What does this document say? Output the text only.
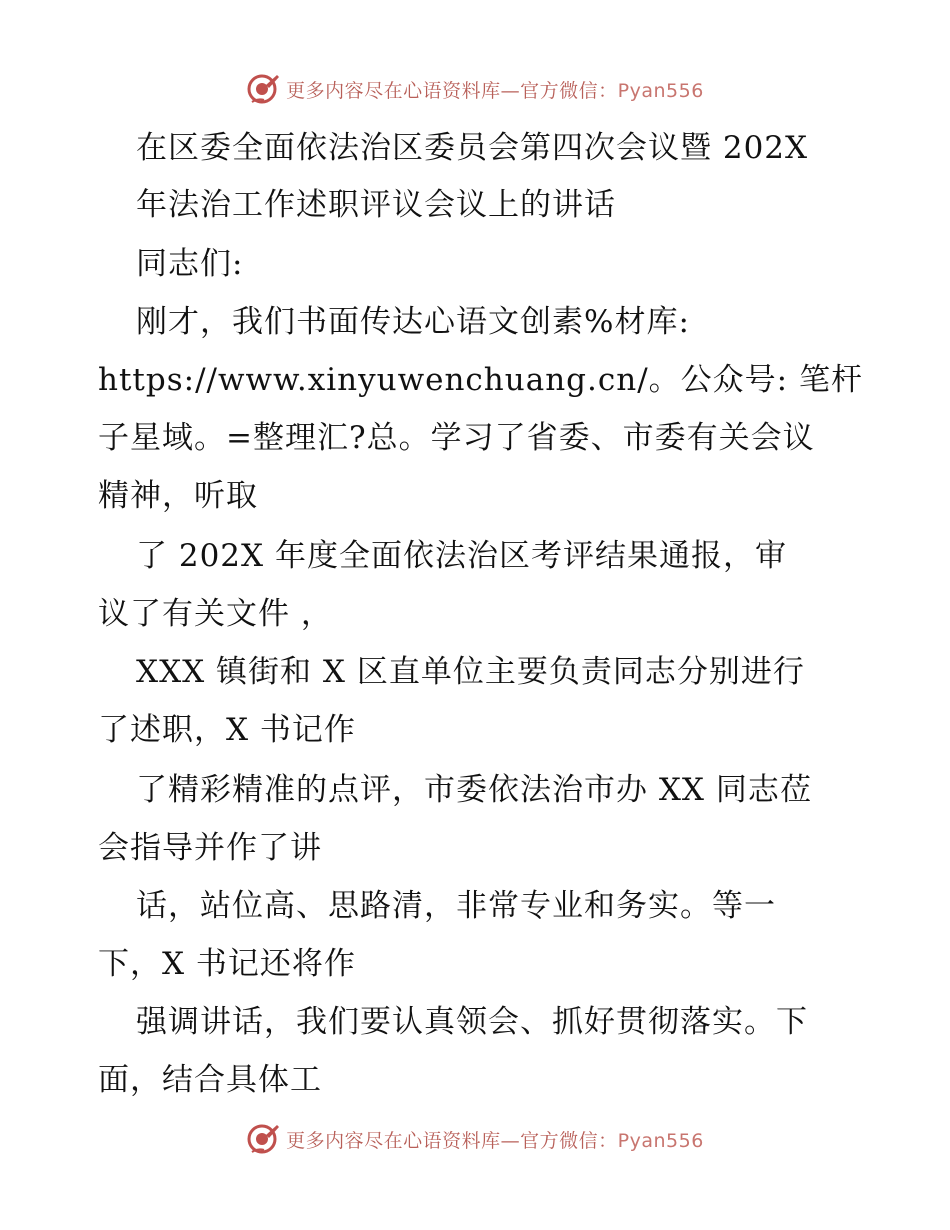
更多内容尽在心语资料库—官方微信：Pyan556
在区委全面依法治区委员会第四次会议暨 202X
年法治工作述职评议会议上的讲话
同志们:
刚才，我们书面传达心语文创素%材库:
https://www.xinyuwenchuang.cn/。公众号: 笔杆
子星域。=整理汇?总。学习了省委、市委有关会议
精神，听取
了 202X 年度全面依法治区考评结果通报，审
议了有关文件 ，
XXX 镇街和 X 区直单位主要负责同志分别进行
了述职，X 书记作
了精彩精准的点评，市委依法治市办 XX 同志莅
会指导并作了讲
话，站位高、思路清，非常专业和务实。等一
下，X 书记还将作
强调讲话，我们要认真领会、抓好贯彻落实。下
面，结合具体工
更多内容尽在心语资料库—官方微信：Pyan556
